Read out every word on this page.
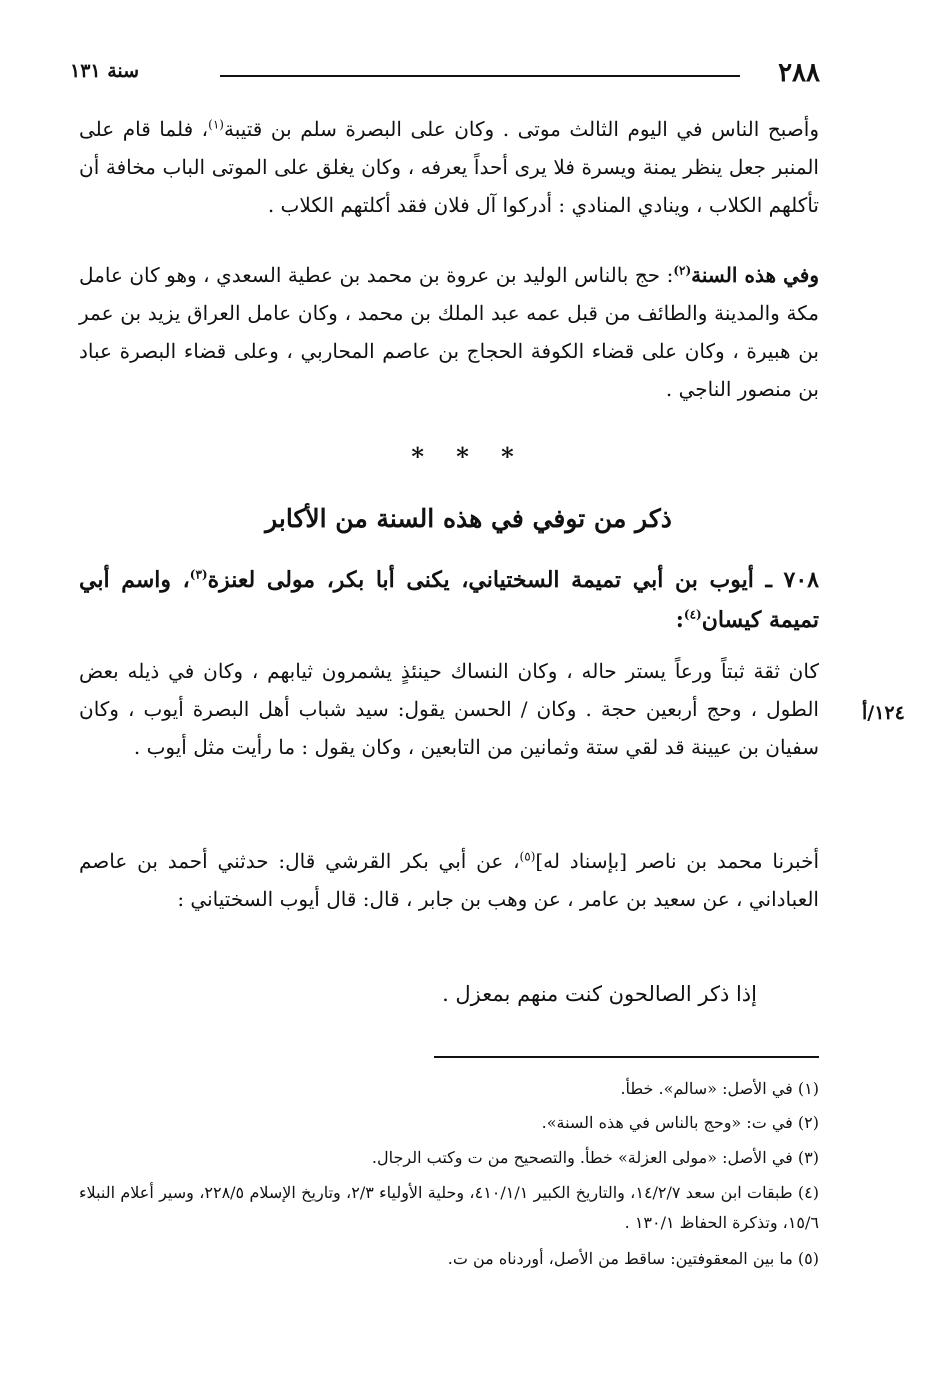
٢٨٨
سنة ١٣١

وأصبح الناس في اليوم الثالث موتى . وكان على البصرة سلم بن قتيبة$^{(١)}$، فلما قام على المنبر جعل ينظر يمنة ويسرة فلا يرى أحداً يعرفه ، وكان يغلق على الموتى الباب مخافة أن تأكلهم الكلاب ، وينادي المنادي : أدركوا آل فلان فقد أكلتهم الكلاب .

وفي هذه السنة$^{(٢)}$: حج بالناس الوليد بن عروة بن محمد بن عطية السعدي ، وهو كان عامل مكة والمدينة والطائف من قبل عمه عبد الملك بن محمد ، وكان عامل العراق يزيد بن عمر بن هبيرة ، وكان على قضاء الكوفة الحجاج بن عاصم المحاربي ، وعلى قضاء البصرة عباد بن منصور الناجي .

* * *
ذكر من توفي في هذه السنة من الأكابر

٧٠٨ ـ أيوب بن أبي تميمة السختياني، يكنى أبا بكر، مولى لعنزة$^{(٣)}$، واسم أبي تميمة كيسان$^{(٤)}$:

كان ثقة ثبتاً ورعاً يستر حاله ، وكان النساك حينئذٍ يشمرون ثيابهم ، وكان في ذيله بعض الطول ، وحج أربعين حجة . وكان / الحسن يقول: سيد شباب أهل البصرة أيوب ، وكان سفيان بن عيينة قد لقي ستة وثمانين من التابعين ، وكان يقول : ما رأيت مثل أيوب .

١٢٤/أ

أخبرنا محمد بن ناصر [بإسناد له]$^{(٥)}$، عن أبي بكر القرشي قال: حدثني أحمد بن عاصم العباداني ، عن سعيد بن عامر ، عن وهب بن جابر ، قال: قال أيوب السختياني :

إذا ذكر الصالحون كنت منهم بمعزل .

(١) في الأصل: «سالم». خطأ.

(٢) في ت: «وحج بالناس في هذه السنة».

(٣) في الأصل: «مولى العزلة» خطأ. والتصحيح من ت وكتب الرجال.

(٤) طبقات ابن سعد ١٤/٢/٧، والتاريخ الكبير ٤١٠/١/١، وحلية الأولياء ٢/٣، وتاريخ الإسلام ٢٢٨/٥، وسير أعلام النبلاء ١٥/٦، وتذكرة الحفاظ ١٣٠/١ .

(٥) ما بين المعقوفتين: ساقط من الأصل، أوردناه من ت.
